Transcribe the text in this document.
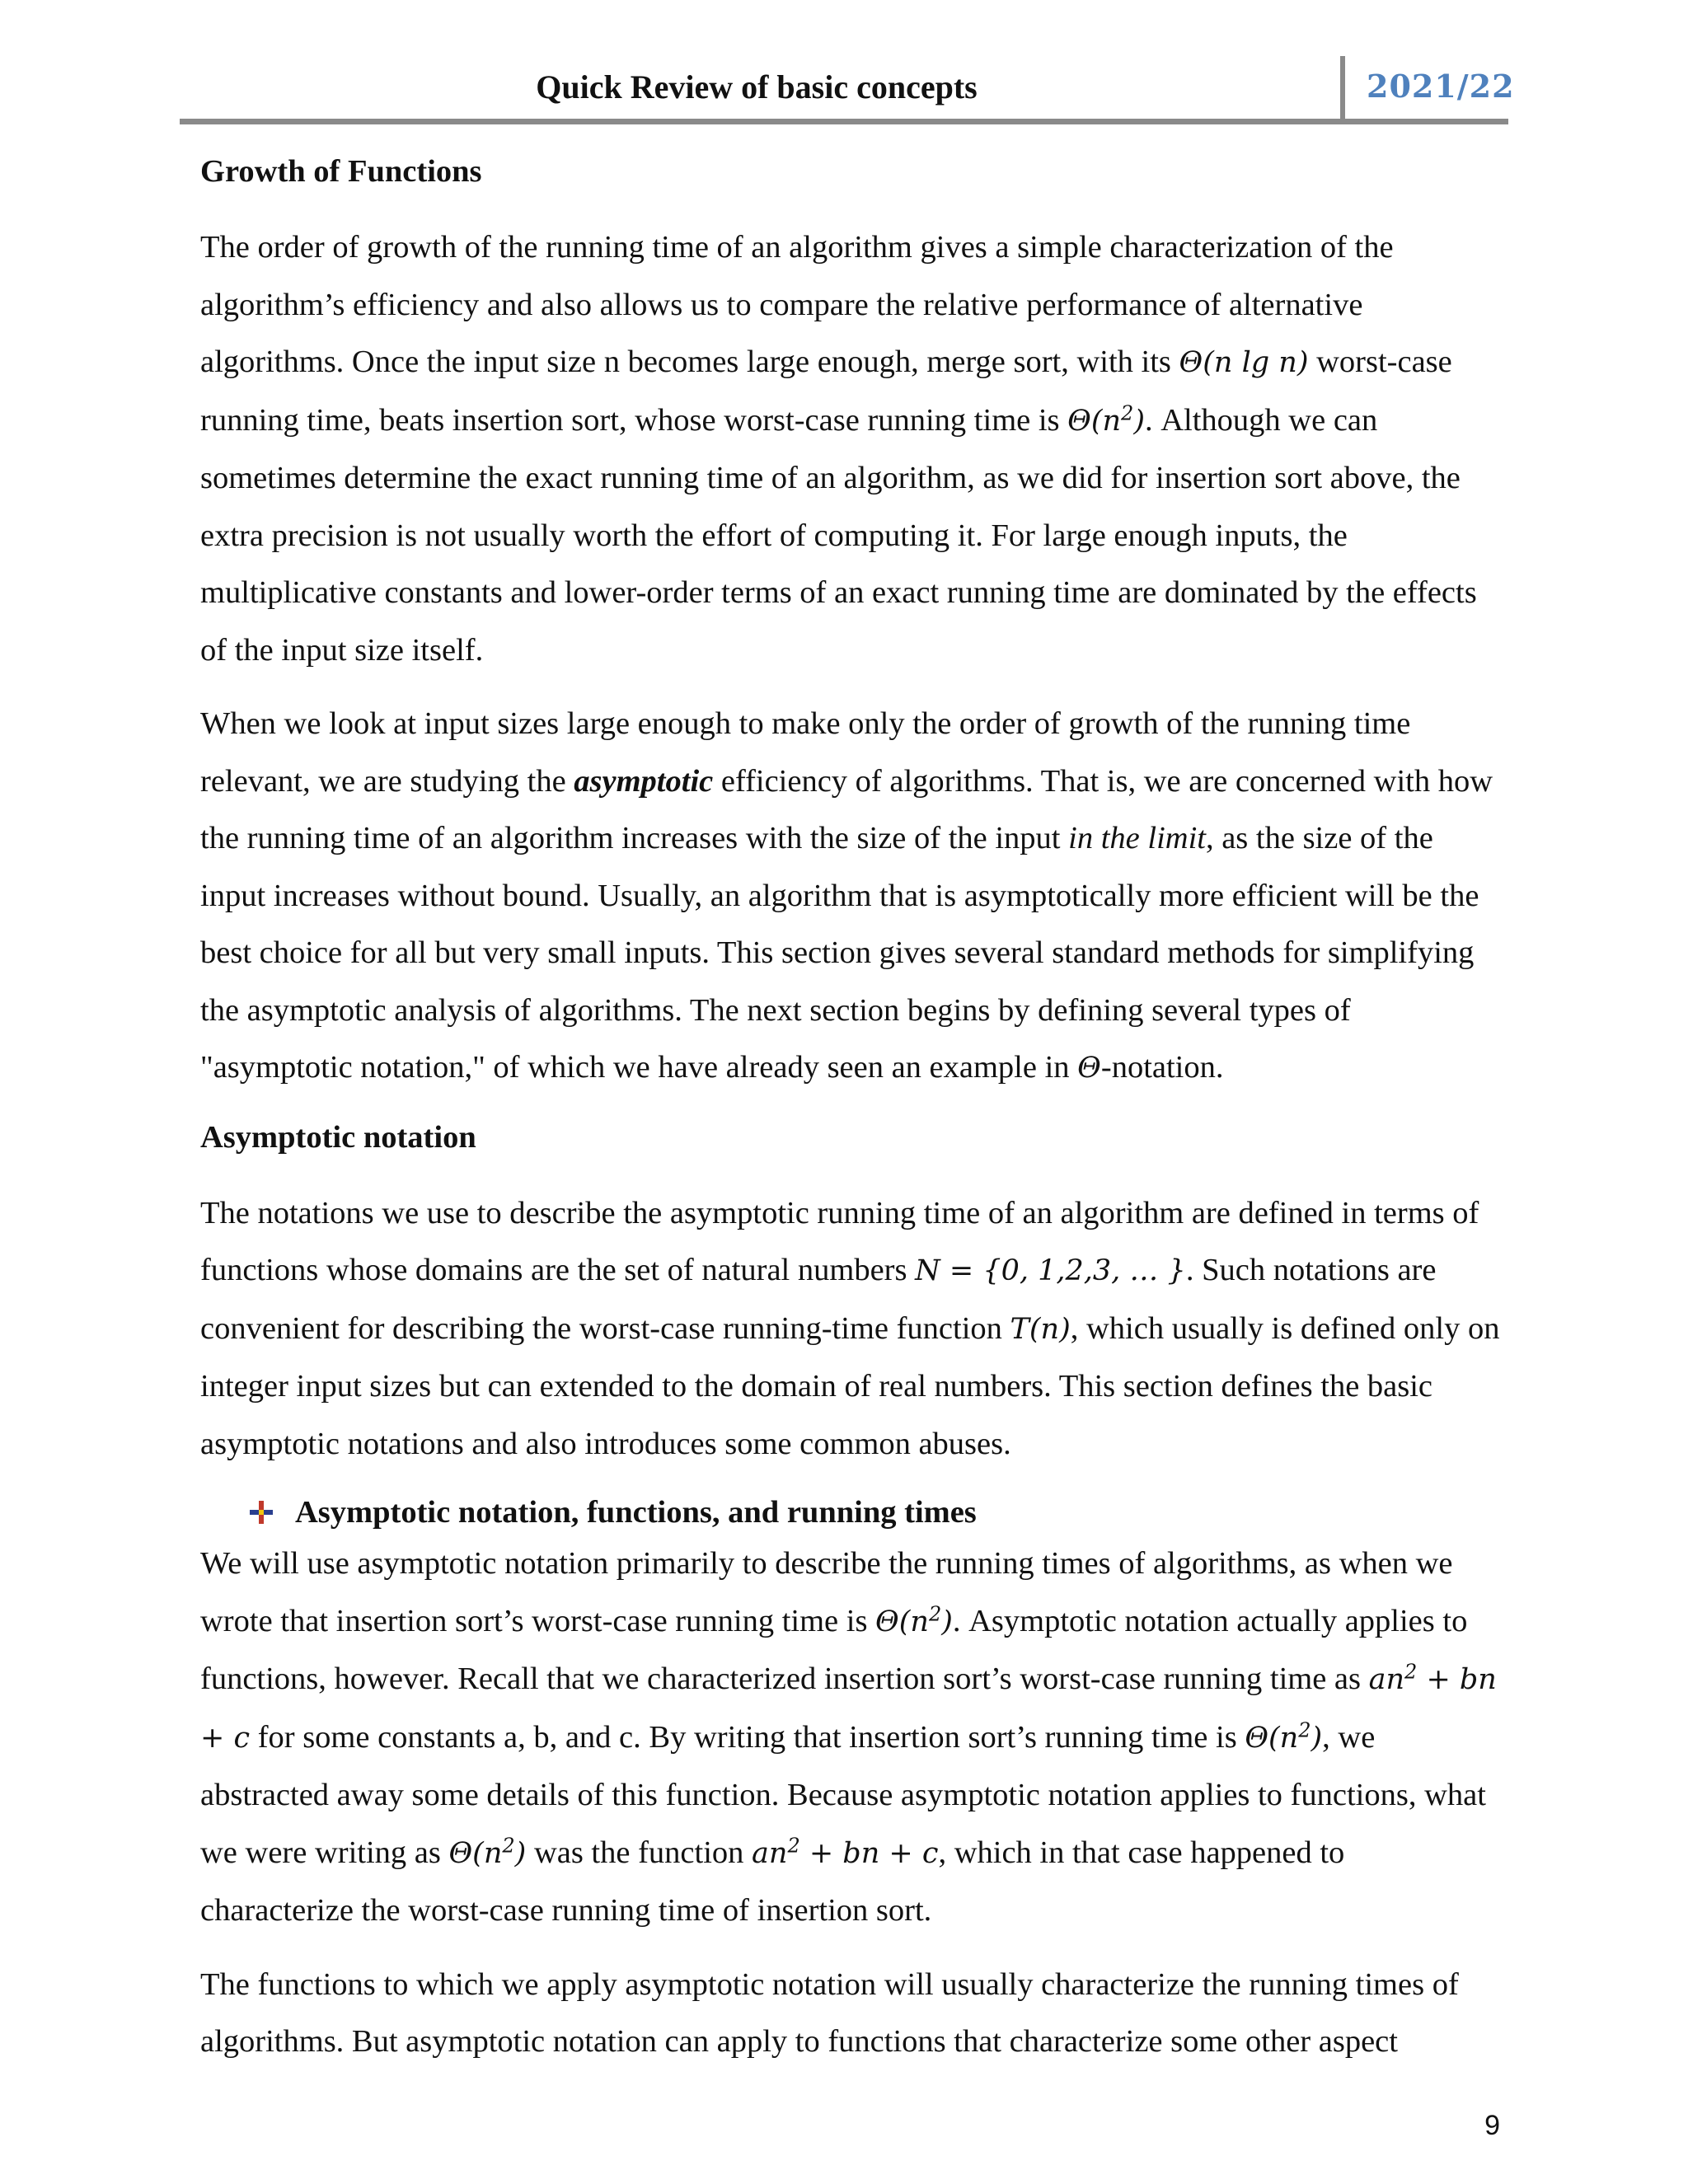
Quick Review of basic concepts	2021/22
Growth of Functions

The order of growth of the running time of an algorithm gives a simple characterization of the algorithm’s efficiency and also allows us to compare the relative performance of alternative algorithms. Once the input size n becomes large enough, merge sort, with its Θ(n lg n) worst-case running time, beats insertion sort, whose worst-case running time is $\Theta(n^2)$. Although we can sometimes determine the exact running time of an algorithm, as we did for insertion sort above, the extra precision is not usually worth the effort of computing it. For large enough inputs, the multiplicative constants and lower-order terms of an exact running time are dominated by the effects of the input size itself.

When we look at input sizes large enough to make only the order of growth of the running time relevant, we are studying the asymptotic efficiency of algorithms. That is, we are concerned with how the running time of an algorithm increases with the size of the input in the limit, as the size of the input increases without bound. Usually, an algorithm that is asymptotically more efficient will be the best choice for all but very small inputs. This section gives several standard methods for simplifying the asymptotic analysis of algorithms. The next section begins by defining several types of "asymptotic notation," of which we have already seen an example in Θ-notation.

Asymptotic notation

The notations we use to describe the asymptotic running time of an algorithm are defined in terms of functions whose domains are the set of natural numbers N = {0, 1,2,3, … }. Such notations are convenient for describing the worst-case running-time function T(n), which usually is defined only on integer input sizes but can extended to the domain of real numbers. This section defines the basic asymptotic notations and also introduces some common abuses.

Asymptotic notation, functions, and running times

We will use asymptotic notation primarily to describe the running times of algorithms, as when we wrote that insertion sort’s worst-case running time is $\Theta(n^2)$. Asymptotic notation actually applies to functions, however. Recall that we characterized insertion sort’s worst-case running time as $an^2$ + bn + c for some constants a, b, and c. By writing that insertion sort’s running time is $\Theta(n^2)$, we abstracted away some details of this function. Because asymptotic notation applies to functions, what we were writing as $\Theta(n^2)$ was the function $an^2$ + bn + c, which in that case happened to characterize the worst-case running time of insertion sort.

The functions to which we apply asymptotic notation will usually characterize the running times of algorithms. But asymptotic notation can apply to functions that characterize some other aspect

9
